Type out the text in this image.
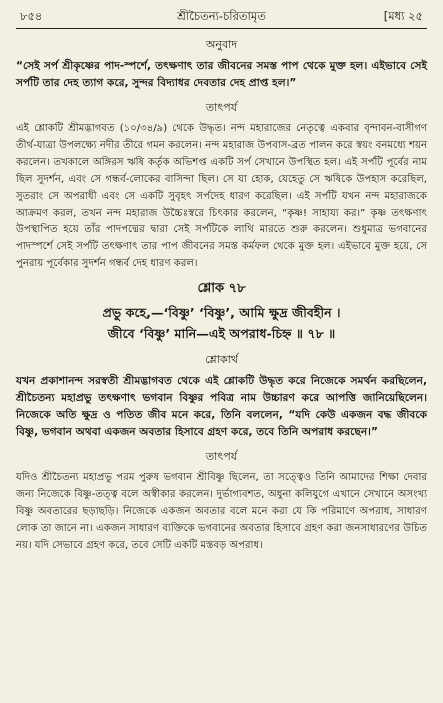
৮৫৪	শ্রীচৈতন্য-চরিতামৃত	[মধ্য ২৫
অনুবাদ

“সেই সর্প শ্রীকৃষ্ণের পাদ-স্পর্শে, তৎক্ষণাৎ তার জীবনের সমস্ত পাপ থেকে মুক্ত হল। এইভাবে সেই সর্পটি তার দেহ ত্যাগ করে, সুন্দর বিদ্যাধর দেবতার দেহ প্রাপ্ত হল।”

তাৎপর্য

এই শ্লোকটি শ্রীমদ্ভাগবত (১০/৩৪/৯) থেকে উদ্ধৃত। নন্দ মহারাজের নেতৃত্বে একবার বৃন্দাবন-বাসীগণ তীর্থ-যাত্রা উপলক্ষ্যে নদীর তীরে গমন করলেন। নন্দ মহারাজ উপবাস-ব্রত পালন করে স্বয়ং বনমধ্যে শয়ন করলেন। তখকালে অঙ্গিরস ঋষি কর্তৃক অভিশপ্ত একটি সর্প সেখানে উপস্থিত হল। এই সর্পটি পূর্বের নাম ছিল সুদর্শন, এবং সে গন্ধর্ব-লোকের বাসিন্দা ছিল। সে যা হোক, যেহেতু সে ঋষিকে উপহাস করেছিল, সুতরাং সে অপরাধী এবং সে একটি সুবৃহৎ সর্পদেহ ধারণ করেছিল। এই সর্পটি যখন নন্দ মহারাজকে আক্রমণ করল, তখন নন্দ মহারাজ উচ্চৈঃস্বরে চিৎকার করলেন, “কৃষ্ণ! সাহায্য কর।” কৃষ্ণ তৎক্ষণাৎ উপস্থাপিত হয়ে তাঁর পাদপদ্মের দ্বারা সেই সর্পটিকে লাথি মারতে শুরু করলেন। শুধুমাত্র ভগবানের পাদস্পর্শে সেই সর্পটি তৎক্ষণাৎ তার পাপ জীবনের সমস্ত কর্মফল থেকে মুক্ত হল। এইভাবে মুক্ত হয়ে, সে পুনরায় পূর্বেকার সুদর্শন গন্ধর্ব দেহ ধারণ করল।

শ্লোক ৭৮

প্রভু কহে,—‘বিষ্ণু’ ‘বিষ্ণু’, আমি ক্ষুদ্র জীবহীন ।

জীবে ‘বিষ্ণু’ মানি—এই অপরাধ-চিহ্ন ॥ ৭৮ ॥

শ্লোকার্থ

যখন প্রকাশানন্দ সরস্বতী শ্রীমদ্ভাগবত থেকে এই শ্লোকটি উদ্ধৃত করে নিজেকে সমর্থন করছিলেন, শ্রীচৈতন্য মহাপ্রভু তৎক্ষণাৎ ভগবান বিষ্ণুর পবিত্র নাম উচ্চারণ করে আপত্তি জানিয়েছিলেন। নিজেকে অতি ক্ষুদ্র ও পতিত জীব মনে করে, তিনি বললেন, “যদি কেউ একজন বদ্ধ জীবকে বিষ্ণু, ভগবান অথবা একজন অবতার হিসাবে গ্রহণ করে, তবে তিনি অপরাধ করছেন।”

তাৎপর্য

যদিও শ্রীচৈতন্য মহাপ্রভু পরম পুরুষ ভগবান শ্রীবিষ্ণু ছিলেন, তা সত্ত্বেও তিনি আমাদের শিক্ষা দেবার জন্য নিজেকে বিষ্ণু-তত্ত্ব বলে অস্বীকার করলেন। দুর্ভাগ্যবশত, অধুনা কলিযুগে এখানে সেখানে অসংখ্য বিষ্ণু অবতারের ছড়াছড়ি। নিজেকে একজন অবতার বলে মনে করা যে কি পরিমাণে অপরাধ, সাধারণ লোক তা জানে না। একজন সাধারণ ব্যক্তিকে ভগবানের অবতার হিসাবে গ্রহণ করা জনসাধারণের উচিত নয়। যদি সেভাবে গ্রহণ করে, তবে সেটি একটি মস্তবড় অপরাধ।
